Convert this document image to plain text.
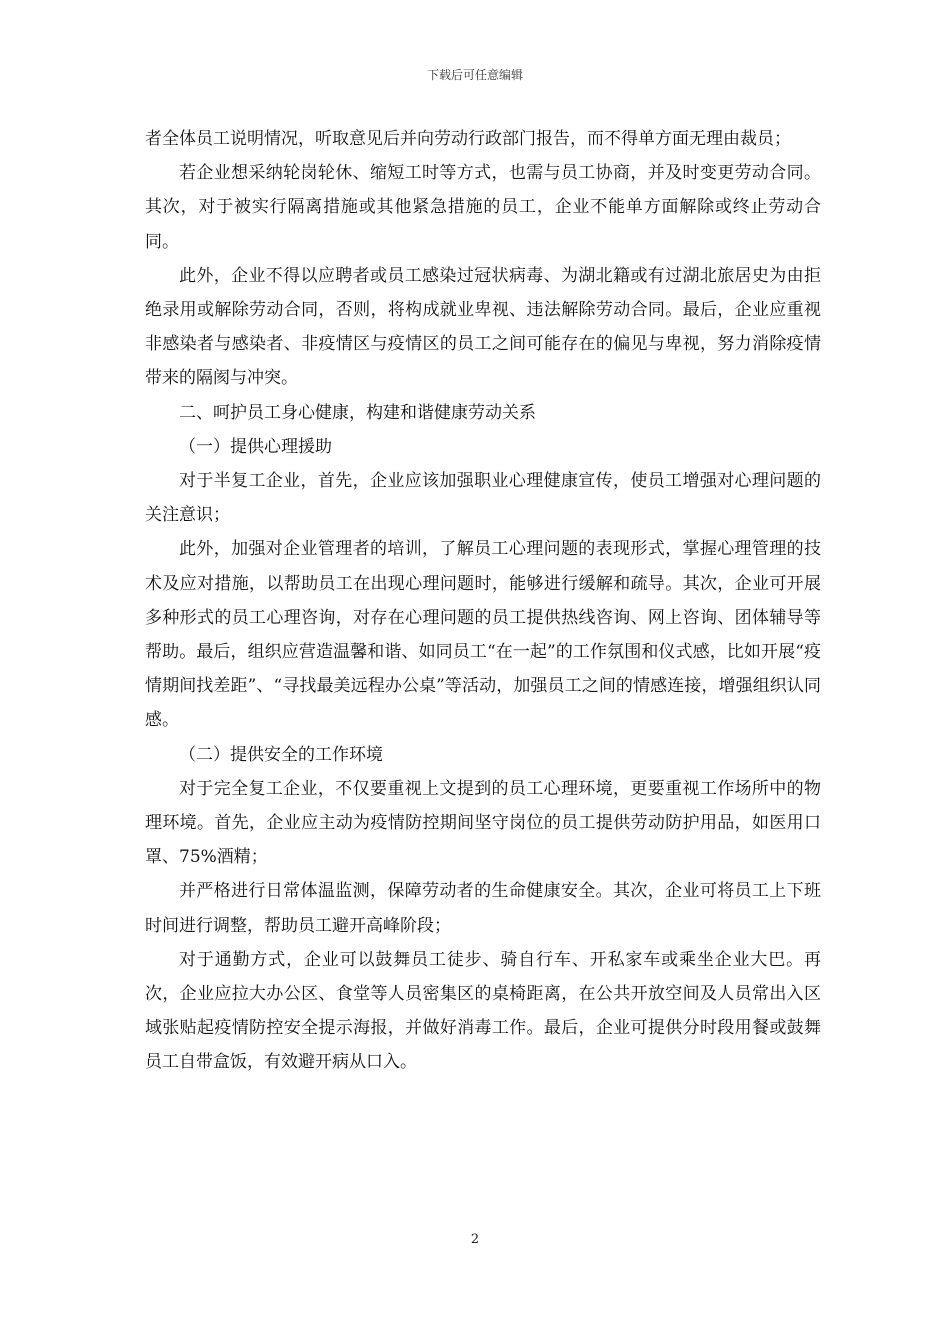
下载后可任意编辑

者全体员工说明情况，听取意见后并向劳动行政部门报告，而不得单方面无理由裁员；

若企业想采纳轮岗轮休、缩短工时等方式，也需与员工协商，并及时变更劳动合同。其次，对于被实行隔离措施或其他紧急措施的员工，企业不能单方面解除或终止劳动合同。

此外，企业不得以应聘者或员工感染过冠状病毒、为湖北籍或有过湖北旅居史为由拒绝录用或解除劳动合同，否则，将构成就业卑视、违法解除劳动合同。最后，企业应重视非感染者与感染者、非疫情区与疫情区的员工之间可能存在的偏见与卑视，努力消除疫情带来的隔阂与冲突。

二、呵护员工身心健康，构建和谐健康劳动关系

（一）提供心理援助

对于半复工企业，首先，企业应该加强职业心理健康宣传，使员工增强对心理问题的关注意识；

此外，加强对企业管理者的培训，了解员工心理问题的表现形式，掌握心理管理的技术及应对措施，以帮助员工在出现心理问题时，能够进行缓解和疏导。其次，企业可开展多种形式的员工心理咨询，对存在心理问题的员工提供热线咨询、网上咨询、团体辅导等帮助。最后，组织应营造温馨和谐、如同员工“在一起”的工作氛围和仪式感，比如开展“疫情期间找差距”、“寻找最美远程办公桌”等活动，加强员工之间的情感连接，增强组织认同感。

（二）提供安全的工作环境

对于完全复工企业，不仅要重视上文提到的员工心理环境，更要重视工作场所中的物理环境。首先，企业应主动为疫情防控期间坚守岗位的员工提供劳动防护用品，如医用口罩、75%酒精；

并严格进行日常体温监测，保障劳动者的生命健康安全。其次，企业可将员工上下班时间进行调整，帮助员工避开高峰阶段；

对于通勤方式，企业可以鼓舞员工徒步、骑自行车、开私家车或乘坐企业大巴。再次，企业应拉大办公区、食堂等人员密集区的桌椅距离，在公共开放空间及人员常出入区域张贴起疫情防控安全提示海报，并做好消毒工作。最后，企业可提供分时段用餐或鼓舞员工自带盒饭，有效避开病从口入。

2
